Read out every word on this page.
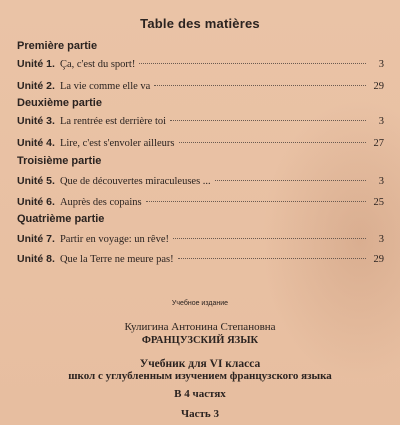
Table des matières
Première partie
Unité 1. Ça, c'est du sport!	3
Unité 2. La vie comme elle va	29
Deuxième partie
Unité 3. La rentrée est derrière toi	3
Unité 4. Lire, c'est s'envoler ailleurs	27
Troisième partie
Unité 5. Que de découvertes miraculeuses ...	3
Unité 6. Auprès des copains	25
Quatrième partie
Unité 7. Partir en voyage: un rêve!	3
Unité 8. Que la Terre ne meure pas!	29
Учебное издание
Кулигина Антонина Степановна
ФРАНЦУЗСКИЙ ЯЗЫК
Учебник для VI класса
школ с углубленным изучением французского языка
В 4 частях
Часть 3
